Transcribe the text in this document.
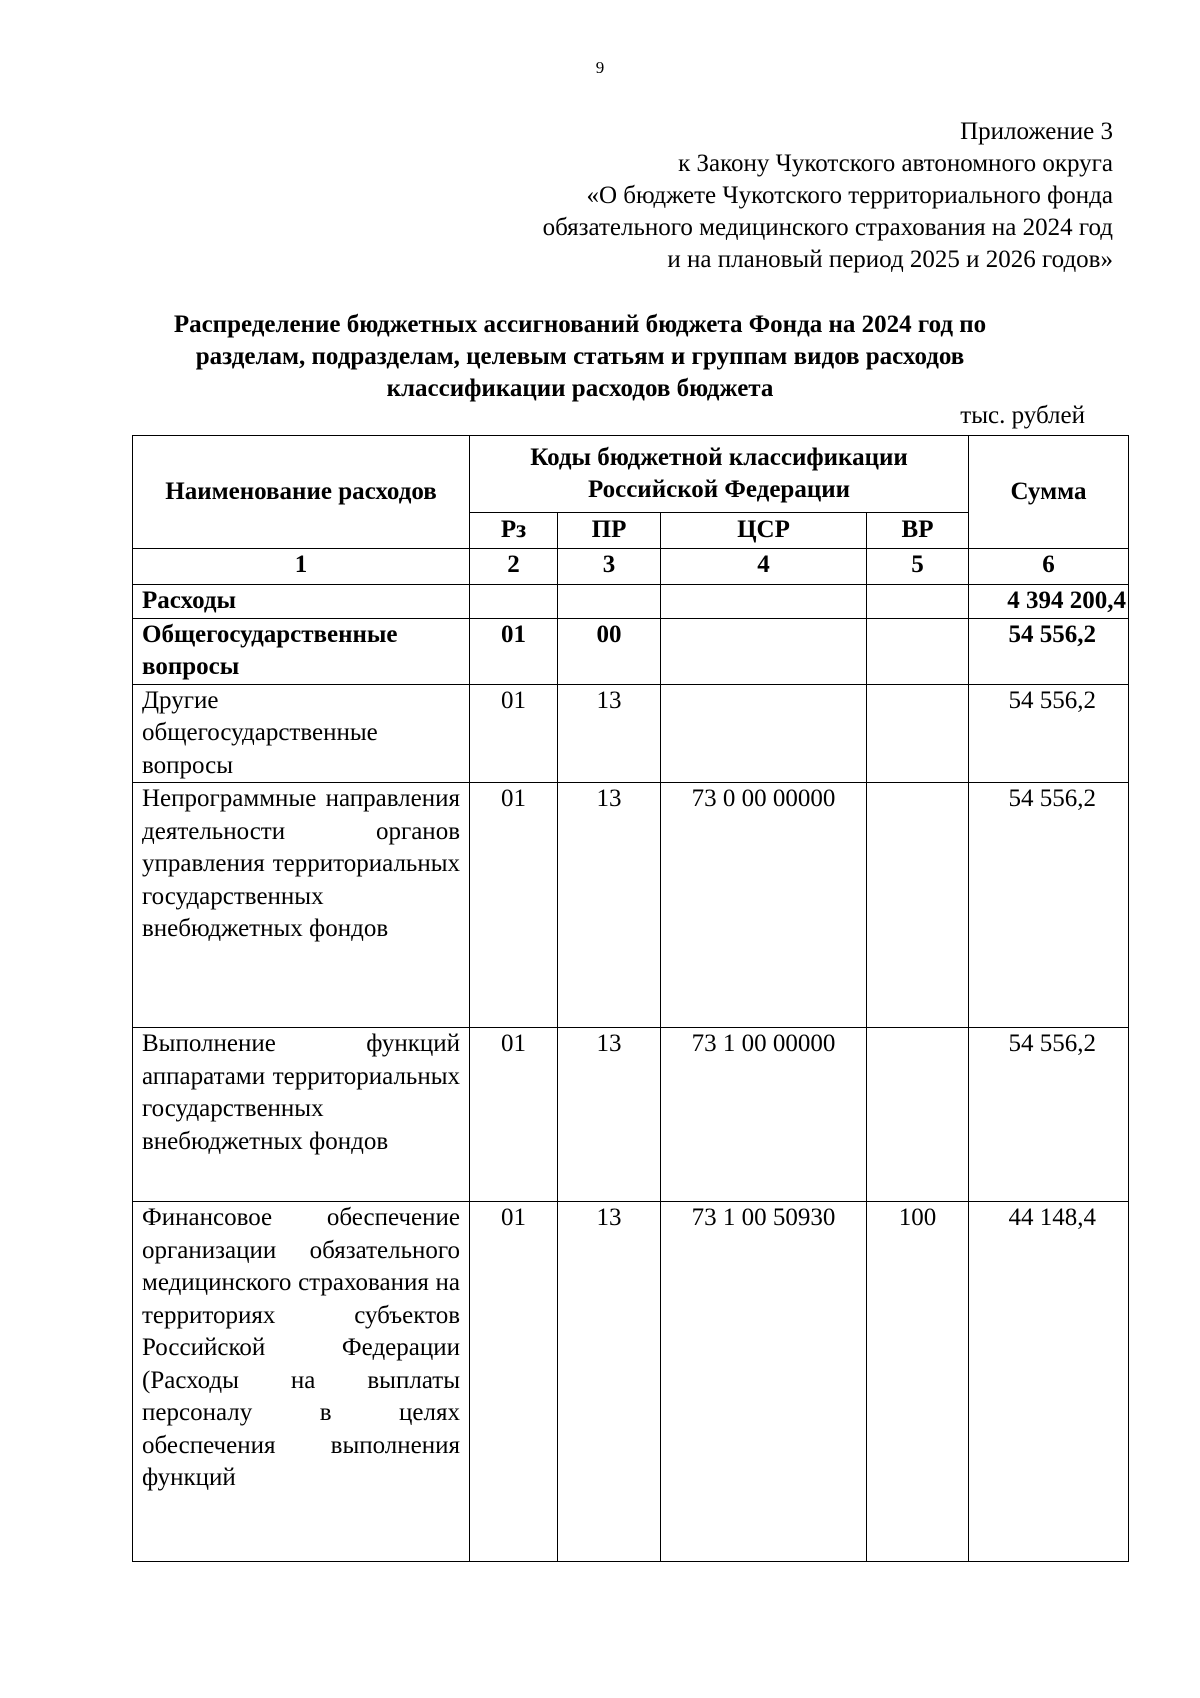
9
Приложение 3
к Закону Чукотского автономного округа
«О бюджете Чукотского территориального фонда
обязательного медицинского страхования на 2024 год
и на плановый период 2025 и 2026 годов»
Распределение бюджетных ассигнований бюджета Фонда на 2024 год по
разделам, подразделам, целевым статьям и группам видов расходов
классификации расходов бюджета
тыс. рублей
Наименование расходов	Коды бюджетной классификации Российской Федерации				Сумма
	Рз	ПР	ЦСР	ВР	
1	2	3	4	5	6
Расходы					4 394 200,4
Общегосударственные вопросы	01	00			54 556,2
Другие общегосударственные вопросы	01	13			54 556,2
Непрограммные направления деятельности органов управления территориальных государственных внебюджетных фондов	01	13	73 0 00 00000		54 556,2
Выполнение функций аппаратами территориальных государственных внебюджетных фондов	01	13	73 1 00 00000		54 556,2
Финансовое обеспечение организации обязательного медицинского страхования на территориях субъектов Российской Федерации (Расходы на выплаты персоналу в целях обеспечения выполнения функций	01	13	73 1 00 50930	100	44 148,4
